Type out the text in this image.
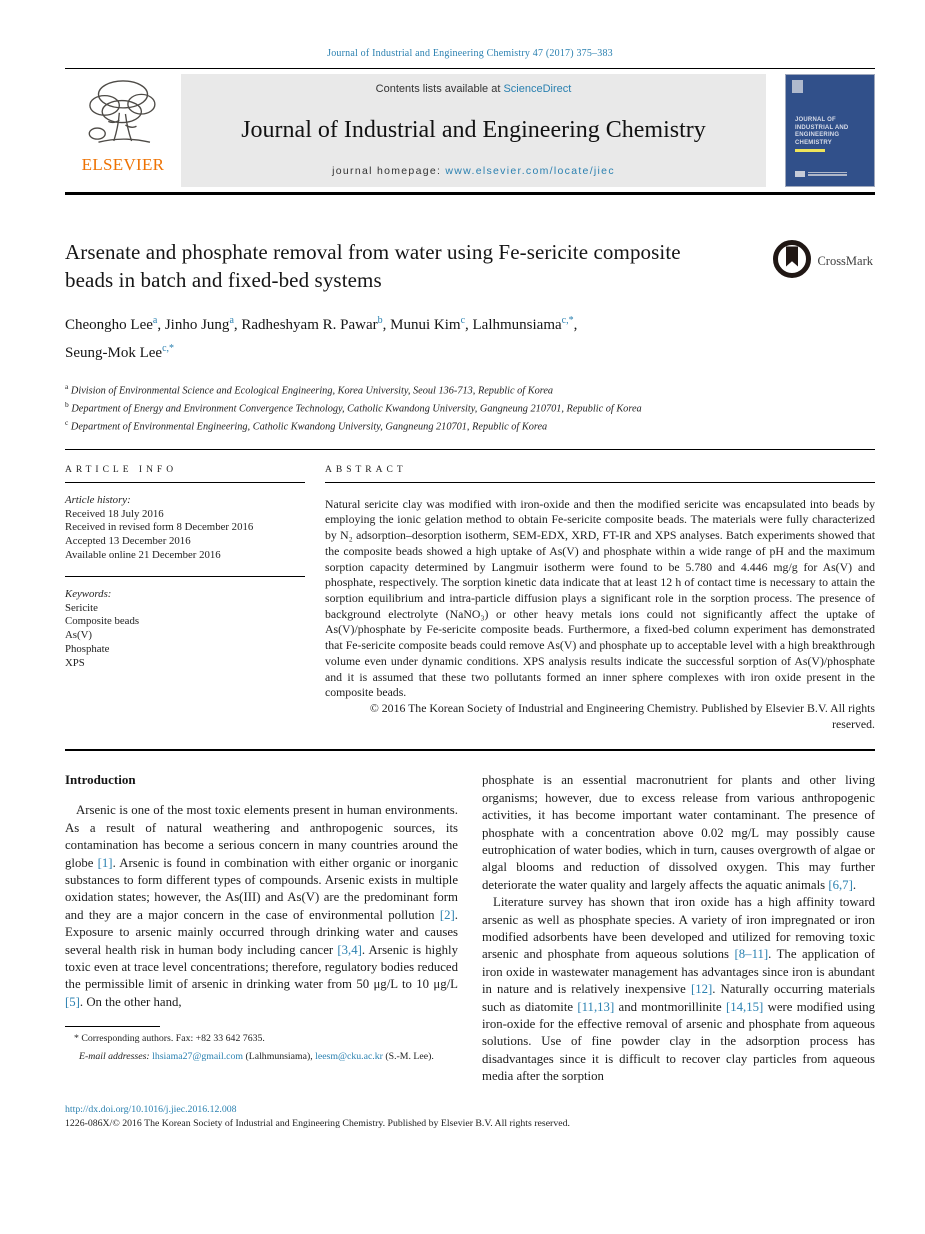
Journal of Industrial and Engineering Chemistry 47 (2017) 375–383
ELSEVIER
Contents lists available at ScienceDirect
Journal of Industrial and Engineering Chemistry
journal homepage: www.elsevier.com/locate/jiec
JOURNAL OF
INDUSTRIAL AND
ENGINEERING
CHEMISTRY
Arsenate and phosphate removal from water using Fe-sericite composite beads in batch and fixed-bed systems
CrossMark
Cheongho Lee$^a$, Jinho Jung$^a$, Radheshyam R. Pawar$^b$, Munui Kim$^c$, Lalhmunsiama$^{c,*}$,
Seung-Mok Lee$^{c,*}$
$^a$ Division of Environmental Science and Ecological Engineering, Korea University, Seoul 136-713, Republic of Korea
$^b$ Department of Energy and Environment Convergence Technology, Catholic Kwandong University, Gangneung 210701, Republic of Korea
$^c$ Department of Environmental Engineering, Catholic Kwandong University, Gangneung 210701, Republic of Korea
ARTICLE INFO
Article history:
Received 18 July 2016
Received in revised form 8 December 2016
Accepted 13 December 2016
Available online 21 December 2016
Keywords:
Sericite
Composite beads
As(V)
Phosphate
XPS
ABSTRACT
Natural sericite clay was modified with iron-oxide and then the modified sericite was encapsulated into beads by employing the ionic gelation method to obtain Fe-sericite composite beads. The materials were fully characterized by N₂ adsorption–desorption isotherm, SEM-EDX, XRD, FT-IR and XPS analyses. Batch experiments showed that the composite beads showed a high uptake of As(V) and phosphate within a wide range of pH and the maximum sorption capacity determined by Langmuir isotherm were found to be 5.780 and 4.446 mg/g for As(V) and phosphate, respectively. The sorption kinetic data indicate that at least 12 h of contact time is necessary to attain the sorption equilibrium and intra-particle diffusion plays a significant role in the sorption process. The presence of background electrolyte (NaNO₃) or other heavy metals ions could not significantly affect the uptake of As(V)/phosphate by Fe-sericite composite beads. Furthermore, a fixed-bed column experiment has demonstrated that Fe-sericite composite beads could remove As(V) and phosphate up to acceptable level with a high breakthrough volume even under dynamic conditions. XPS analysis results indicate the successful sorption of As(V)/phosphate and it is assumed that these two pollutants formed an inner sphere complexes with iron oxide present in the composite beads.
© 2016 The Korean Society of Industrial and Engineering Chemistry. Published by Elsevier B.V. All rights reserved.
Introduction

Arsenic is one of the most toxic elements present in human environments. As a result of natural weathering and anthropogenic sources, its contamination has become a serious concern in many countries around the globe [1]. Arsenic is found in combination with either organic or inorganic substances to form different types of compounds. Arsenic exists in multiple oxidation states; however, the As(III) and As(V) are the predominant form and they are a major concern in the case of environmental pollution [2]. Exposure to arsenic mainly occurred through drinking water and causes several health risk in human body including cancer [3,4]. Arsenic is highly toxic even at trace level concentrations; therefore, regulatory bodies reduced the permissible limit of arsenic in drinking water from 50 μg/L to 10 μg/L [5]. On the other hand,

* Corresponding authors. Fax: +82 33 642 7635.
E-mail addresses: lhsiama27@gmail.com (Lalhmunsiama), leesm@cku.ac.kr (S.-M. Lee).

phosphate is an essential macronutrient for plants and other living organisms; however, due to excess release from various anthropogenic activities, it has become important water contaminant. The presence of phosphate with a concentration above 0.02 mg/L may possibly cause eutrophication of water bodies, which in turn, causes overgrowth of algae or algal blooms and reduction of dissolved oxygen. This may further deteriorate the water quality and largely affects the aquatic animals [6,7].

Literature survey has shown that iron oxide has a high affinity toward arsenic as well as phosphate species. A variety of iron impregnated or iron modified adsorbents have been developed and utilized for removing toxic arsenic and phosphate from aqueous solutions [8–11]. The application of iron oxide in wastewater management has advantages since iron is abundant in nature and is relatively inexpensive [12]. Naturally occurring materials such as diatomite [11,13] and montmorillinite [14,15] were modified using iron-oxide for the effective removal of arsenic and phosphate from aqueous solutions. Use of fine powder clay in the adsorption process has disadvantages since it is difficult to recover clay particles from aqueous media after the sorption

http://dx.doi.org/10.1016/j.jiec.2016.12.008
1226-086X/© 2016 The Korean Society of Industrial and Engineering Chemistry. Published by Elsevier B.V. All rights reserved.
